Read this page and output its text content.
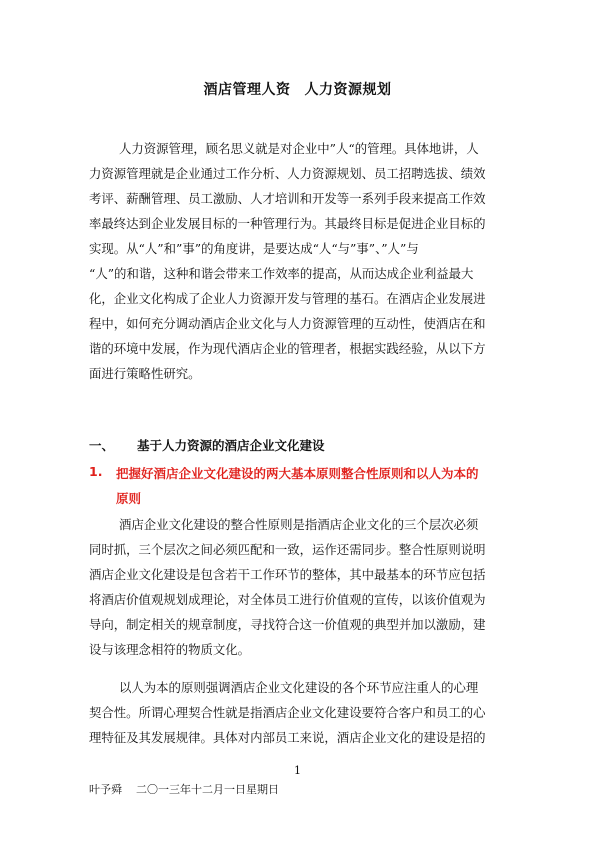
酒店管理人资 人力资源规划
人力资源管理，顾名思义就是对企业中”人“的管理。具体地讲，人
力资源管理就是企业通过工作分析、人力资源规划、员工招聘选拔、绩效
考评、薪酬管理、员工激励、人才培训和开发等一系列手段来提高工作效
率最终达到企业发展目标的一种管理行为。其最终目标是促进企业目标的
实现。从“人”和”事”的角度讲，是要达成“人“与”事”、”人”与
“人”的和谐，这种和谐会带来工作效率的提高，从而达成企业利益最大
化，企业文化构成了企业人力资源开发与管理的基石。在酒店企业发展进
程中，如何充分调动酒店企业文化与人力资源管理的互动性，使酒店在和
谐的环境中发展，作为现代酒店企业的管理者，根据实践经验，从以下方
面进行策略性研究。
一、 基于人力资源的酒店企业文化建设
1. 把握好酒店企业文化建设的两大基本原则整合性原则和以人为本的
原则
酒店企业文化建设的整合性原则是指酒店企业文化的三个层次必须
同时抓，三个层次之间必须匹配和一致，运作还需同步。整合性原则说明
酒店企业文化建设是包含若干工作环节的整体，其中最基本的环节应包括
将酒店价值观规划成理论，对全体员工进行价值观的宣传，以该价值观为
导向，制定相关的规章制度，寻找符合这一价值观的典型并加以激励，建
设与该理念相符的物质文化。
以人为本的原则强调酒店企业文化建设的各个环节应注重人的心理
契合性。所谓心理契合性就是指酒店企业文化建设要符合客户和员工的心
理特征及其发展规律。具体对内部员工来说，酒店企业文化的建设是招的
1
叶予舜 二〇一三年十二月一日星期日
